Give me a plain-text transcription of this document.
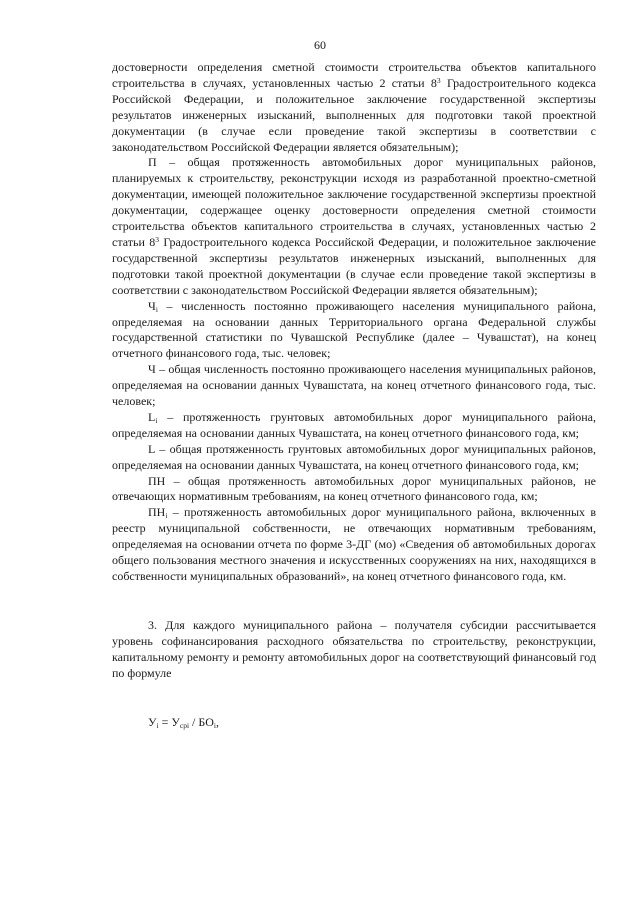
60

достоверности определения сметной стоимости строительства объектов капитального строительства в случаях, установленных частью 2 статьи $8^3$ Градостроительного кодекса Российской Федерации, и положительное заключение государственной экспертизы результатов инженерных изысканий, выполненных для подготовки такой проектной документации (в случае если проведение такой экспертизы в соответствии с законодательством Российской Федерации является обязательным);

П – общая протяженность автомобильных дорог муниципальных районов, планируемых к строительству, реконструкции исходя из разработанной проектно-сметной документации, имеющей положительное заключение государственной экспертизы проектной документации, содержащее оценку достоверности определения сметной стоимости строительства объектов капитального строительства в случаях, установленных частью 2 статьи $8^3$ Градостроительного кодекса Российской Федерации, и положительное заключение государственной экспертизы результатов инженерных изысканий, выполненных для подготовки такой проектной документации (в случае если проведение такой экспертизы в соответствии с законодательством Российской Федерации является обязательным);

$Ч_i$ – численность постоянно проживающего населения муниципального района, определяемая на основании данных Территориального органа Федеральной службы государственной статистики по Чувашской Республике (далее – Чувашстат), на конец отчетного финансового года, тыс. человек;

Ч – общая численность постоянно проживающего населения муниципальных районов, определяемая на основании данных Чувашстата, на конец отчетного финансового года, тыс. человек;

$L_i$ – протяженность грунтовых автомобильных дорог муниципального района, определяемая на основании данных Чувашстата, на конец отчетного финансового года, км;

L – общая протяженность грунтовых автомобильных дорог муниципальных районов, определяемая на основании данных Чувашстата, на конец отчетного финансового года, км;

ПН – общая протяженность автомобильных дорог муниципальных районов, не отвечающих нормативным требованиям, на конец отчетного финансового года, км;

$ПН_i$ – протяженность автомобильных дорог муниципального района, включенных в реестр муниципальной собственности, не отвечающих нормативным требованиям, определяемая на основании отчета по форме 3-ДГ (мо) «Сведения об автомобильных дорогах общего пользования местного значения и искусственных сооружениях на них, находящихся в собственности муниципальных образований», на конец отчетного финансового года, км.

3. Для каждого муниципального района – получателя субсидии рассчитывается уровень софинансирования расходного обязательства по строительству, реконструкции, капитальному ремонту и ремонту автомобильных дорог на соответствующий финансовый год по формуле

$У_i = У_{срi} / БО_i$,
